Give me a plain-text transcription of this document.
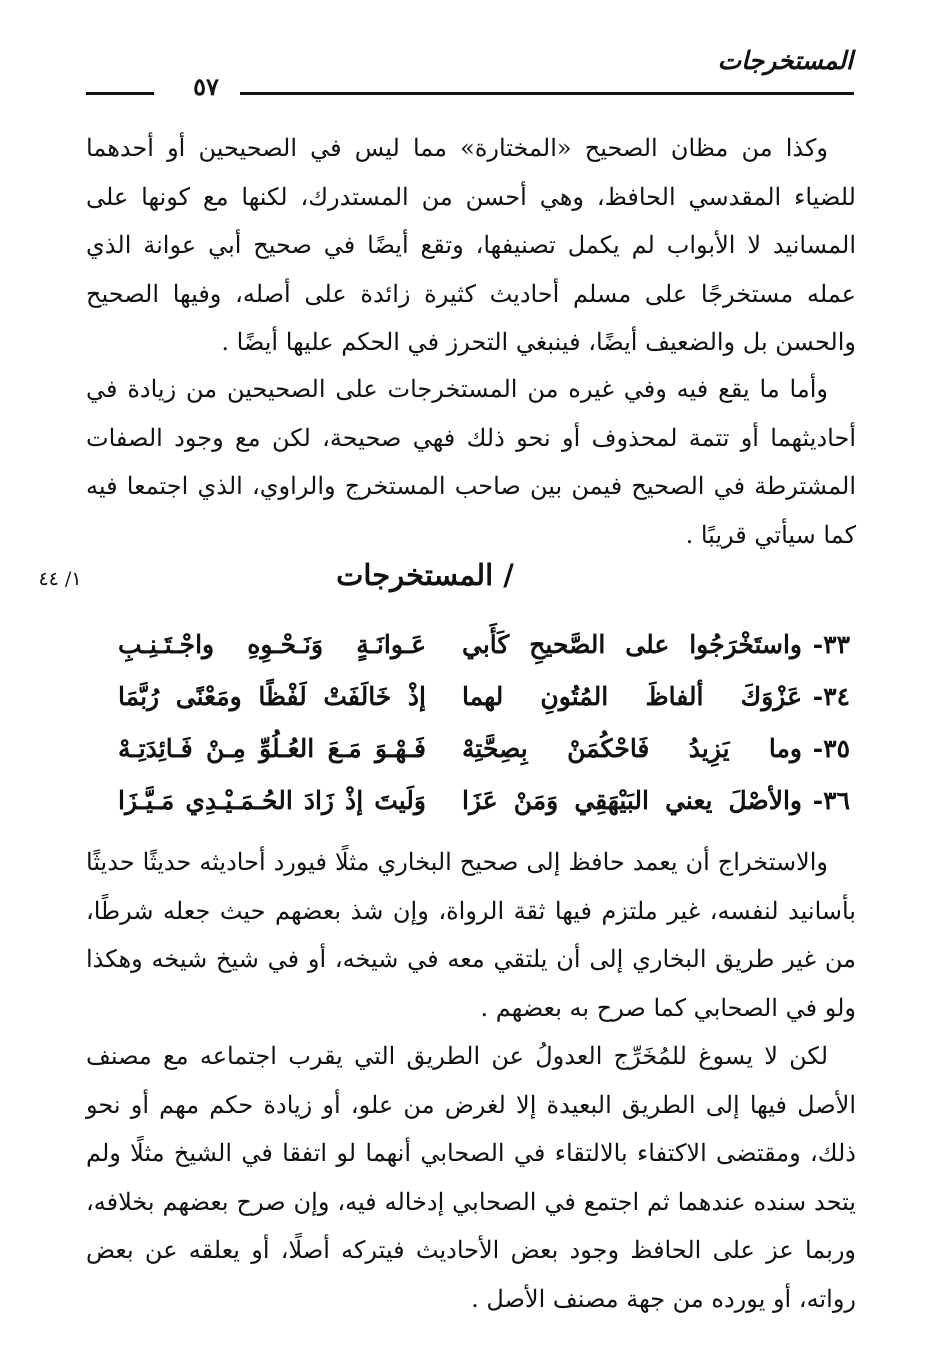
المستخرجات
٥٧

وكذا من مظان الصحيح «المختارة» مما ليس في الصحيحين أو أحدهما للضياء المقدسي الحافظ، وهي أحسن من المستدرك، لكنها مع كونها على المسانيد لا الأبواب لم يكمل تصنيفها، وتقع أيضًا في صحيح أبي عوانة الذي عمله مستخرجًا على مسلم أحاديث كثيرة زائدة على أصله، وفيها الصحيح والحسن بل والضعيف أيضًا، فينبغي التحرز في الحكم عليها أيضًا .

وأما ما يقع فيه وفي غيره من المستخرجات على الصحيحين من زيادة في أحاديثهما أو تتمة لمحذوف أو نحو ذلك فهي صحيحة، لكن مع وجود الصفات المشترطة في الصحيح فيمن بين صاحب المستخرج والراوي، الذي اجتمعا فيه كما سيأتي قريبًا .

/ المستخرجات
١/ ٤٤
٣٣-
واستَخْرَجُوا على الصَّحيحِ كَأَبي
عَـوانَـةٍ وَنَـحْـوِهِ واجْـتَـنِـبِ
٣٤-
عَزْوَكَ ألفاظَ المُتُونِ لهما
إذْ خَالَفَتْ لَفْظًا ومَعْنًى رُبَّمَا
٣٥-
وما يَزِيدُ فَاحْكُمَنْ بِصِحَّتِهْ
فَـهْـوَ مَـعَ العُـلُوِّ مِـنْ فَـائِدَتِـهْ
٣٦-
والأصْلَ يعني البَيْهَقِي وَمَنْ عَزَا
وَلَيتَ إذْ زَادَ الحُـمَـيْـدِي مَـيَّـزَا

والاستخراج أن يعمد حافظ إلى صحيح البخاري مثلًا فيورد أحاديثه حديثًا حديثًا بأسانيد لنفسه، غير ملتزم فيها ثقة الرواة، وإن شذ بعضهم حيث جعله شرطًا، من غير طريق البخاري إلى أن يلتقي معه في شيخه، أو في شيخ شيخه وهكذا ولو في الصحابي كما صرح به بعضهم .

لكن لا يسوغ للمُخَرِّج العدولُ عن الطريق التي يقرب اجتماعه مع مصنف الأصل فيها إلى الطريق البعيدة إلا لغرض من علو، أو زيادة حكم مهم أو نحو ذلك، ومقتضى الاكتفاء بالالتقاء في الصحابي أنهما لو اتفقا في الشيخ مثلًا ولم يتحد سنده عندهما ثم اجتمع في الصحابي إدخاله فيه، وإن صرح بعضهم بخلافه، وربما عز على الحافظ وجود بعض الأحاديث فيتركه أصلًا، أو يعلقه عن بعض رواته، أو يورده من جهة مصنف الأصل .
